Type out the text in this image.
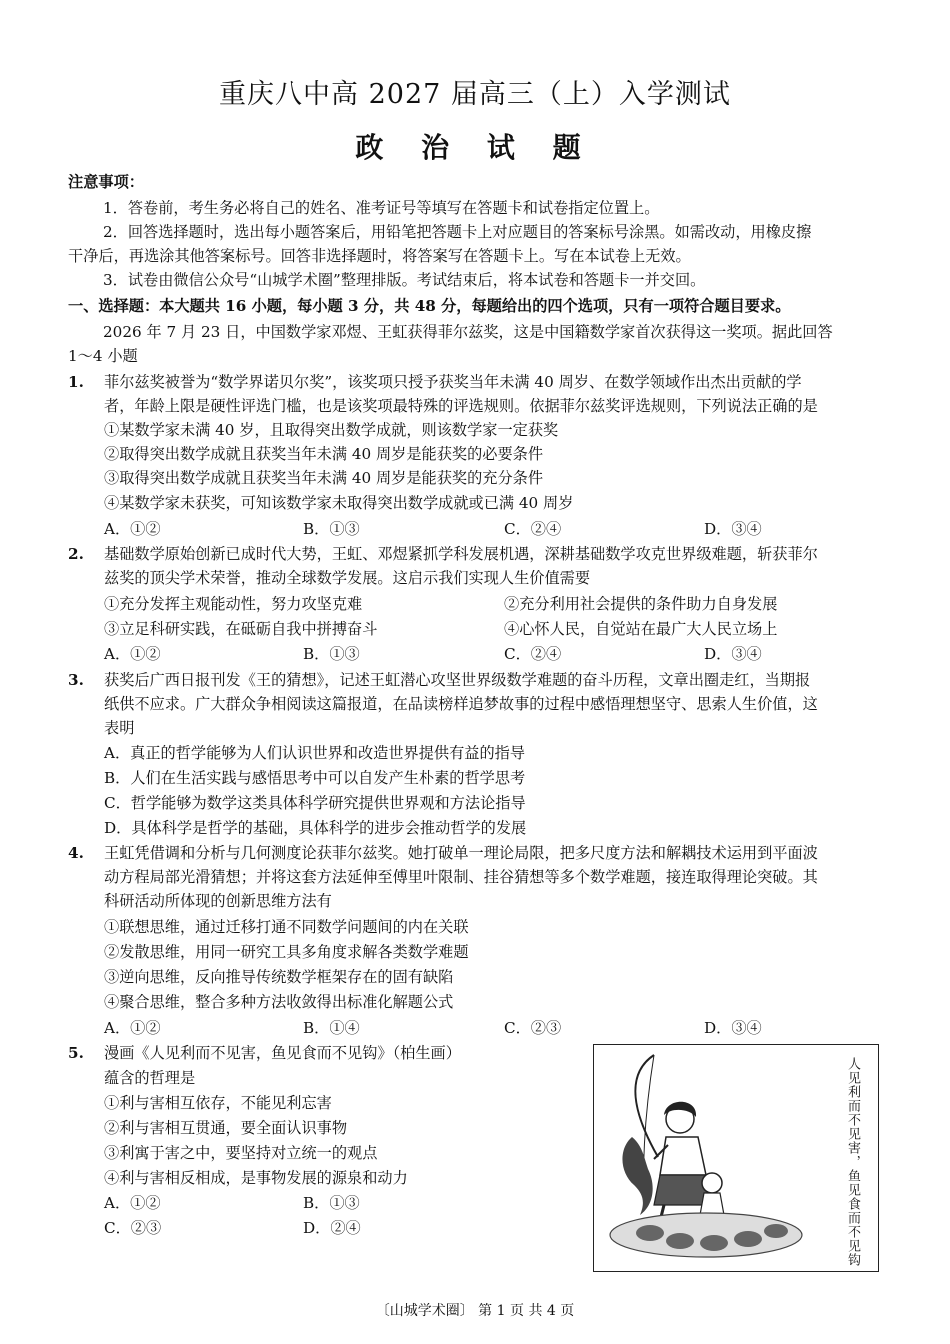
重庆八中高 2027 届高三（上）入学测试
政 治 试 题
注意事项：
1．答卷前，考生务必将自己的姓名、准考证号等填写在答题卡和试卷指定位置上。
2．回答选择题时，选出每小题答案后，用铅笔把答题卡上对应题目的答案标号涂黑。如需改动，用橡皮擦
干净后，再选涂其他答案标号。回答非选择题时，将答案写在答题卡上。写在本试卷上无效。
3．试卷由微信公众号“山城学术圈”整理排版。考试结束后，将本试卷和答题卡一并交回。
一、选择题：本大题共 16 小题，每小题 3 分，共 48 分，每题给出的四个选项，只有一项符合题目要求。
2026 年 7 月 23 日，中国数学家邓煜、王虹获得菲尔兹奖，这是中国籍数学家首次获得这一奖项。据此回答
1～4 小题
1. 菲尔兹奖被誉为“数学界诺贝尔奖”，该奖项只授予获奖当年未满 40 周岁、在数学领域作出杰出贡献的学
者，年龄上限是硬性评选门槛，也是该奖项最特殊的评选规则。依据菲尔兹奖评选规则，下列说法正确的是
①某数学家未满 40 岁，且取得突出数学成就，则该数学家一定获奖
②取得突出数学成就且获奖当年未满 40 周岁是能获奖的必要条件
③取得突出数学成就且获奖当年未满 40 周岁是能获奖的充分条件
④某数学家未获奖，可知该数学家未取得突出数学成就或已满 40 周岁
A．①②	B．①③	C．②④	D．③④
2. 基础数学原始创新已成时代大势，王虹、邓煜紧抓学科发展机遇，深耕基础数学攻克世界级难题，斩获菲尔
兹奖的顶尖学术荣誉，推动全球数学发展。这启示我们实现人生价值需要
①充分发挥主观能动性，努力攻坚克难	②充分利用社会提供的条件助力自身发展
③立足科研实践，在砥砺自我中拼搏奋斗	④心怀人民，自觉站在最广大人民立场上
A．①②	B．①③	C．②④	D．③④
3. 获奖后广西日报刊发《王的猜想》，记述王虹潜心攻坚世界级数学难题的奋斗历程，文章出圈走红，当期报
纸供不应求。广大群众争相阅读这篇报道，在品读榜样追梦故事的过程中感悟理想坚守、思索人生价值，这
表明
A．真正的哲学能够为人们认识世界和改造世界提供有益的指导
B．人们在生活实践与感悟思考中可以自发产生朴素的哲学思考
C．哲学能够为数学这类具体科学研究提供世界观和方法论指导
D．具体科学是哲学的基础，具体科学的进步会推动哲学的发展
4. 王虹凭借调和分析与几何测度论获菲尔兹奖。她打破单一理论局限，把多尺度方法和解耦技术运用到平面波
动方程局部光滑猜想；并将这套方法延伸至傅里叶限制、挂谷猜想等多个数学难题，接连取得理论突破。其
科研活动所体现的创新思维方法有
①联想思维，通过迁移打通不同数学问题间的内在关联
②发散思维，用同一研究工具多角度求解各类数学难题
③逆向思维，反向推导传统数学框架存在的固有缺陷
④聚合思维，整合多种方法收敛得出标准化解题公式
A．①②	B．①④	C．②③	D．③④
5. 漫画《人见利而不见害，鱼见食而不见钩》（柏生画）
蕴含的哲理是
①利与害相互依存，不能见利忘害
②利与害相互贯通，要全面认识事物
③利寓于害之中，要坚持对立统一的观点
④利与害相反相成，是事物发展的源泉和动力
A．①②	B．①③
C．②③	D．②④	人见利而不见害，鱼见食而不见钩
〔山城学术圈〕 第 1 页 共 4 页
